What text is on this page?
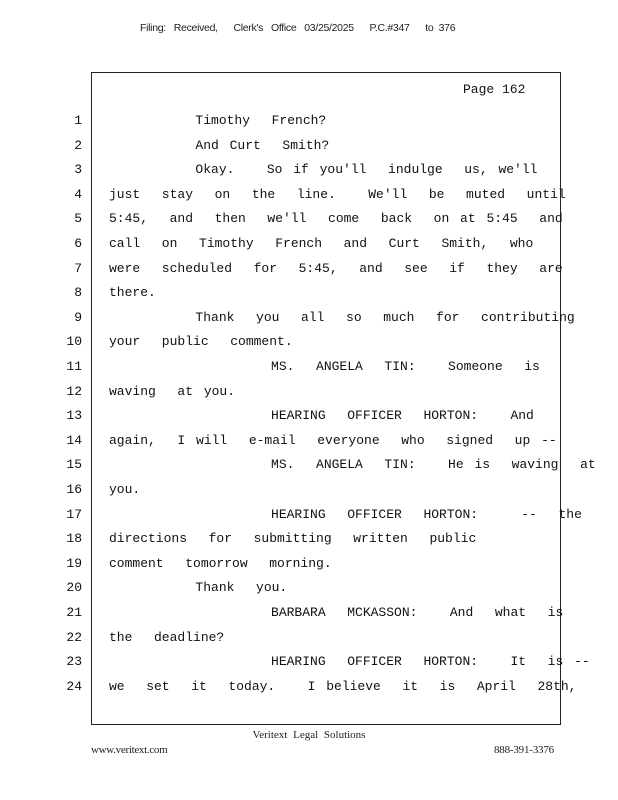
Filing:   Received,      Clerk's   Office   03/25/2025      P.C.#347      to  376
Page 162
1 Timothy  French?
2 And Curt  Smith?
3 Okay.   So if you'll  indulge  us, we'll
4 just  stay  on  the  line.   We'll  be  muted  until
5 5:45,  and  then  we'll  come  back  on at 5:45  and
6 call  on  Timothy  French  and  Curt  Smith,  who
7 were  scheduled  for  5:45,  and  see  if  they  are
8 there.
9 Thank  you  all  so  much  for  contributing
10 your  public  comment.
11 MS.  ANGELA  TIN:   Someone  is
12 waving  at you.
13 HEARING  OFFICER  HORTON:   And
14 again,  I will  e-mail  everyone  who  signed  up --
15 MS.  ANGELA  TIN:   He is  waving  at
16 you.
17 HEARING  OFFICER  HORTON:    --  the
18 directions  for  submitting  written  public
19 comment  tomorrow  morning.
20 Thank  you.
21 BARBARA  MCKASSON:   And  what  is
22 the  deadline?
23 HEARING  OFFICER  HORTON:   It  is --
24 we  set  it  today.   I believe  it  is  April  28th,
Veritext Legal Solutions
www.veritext.com	888-391-3376
